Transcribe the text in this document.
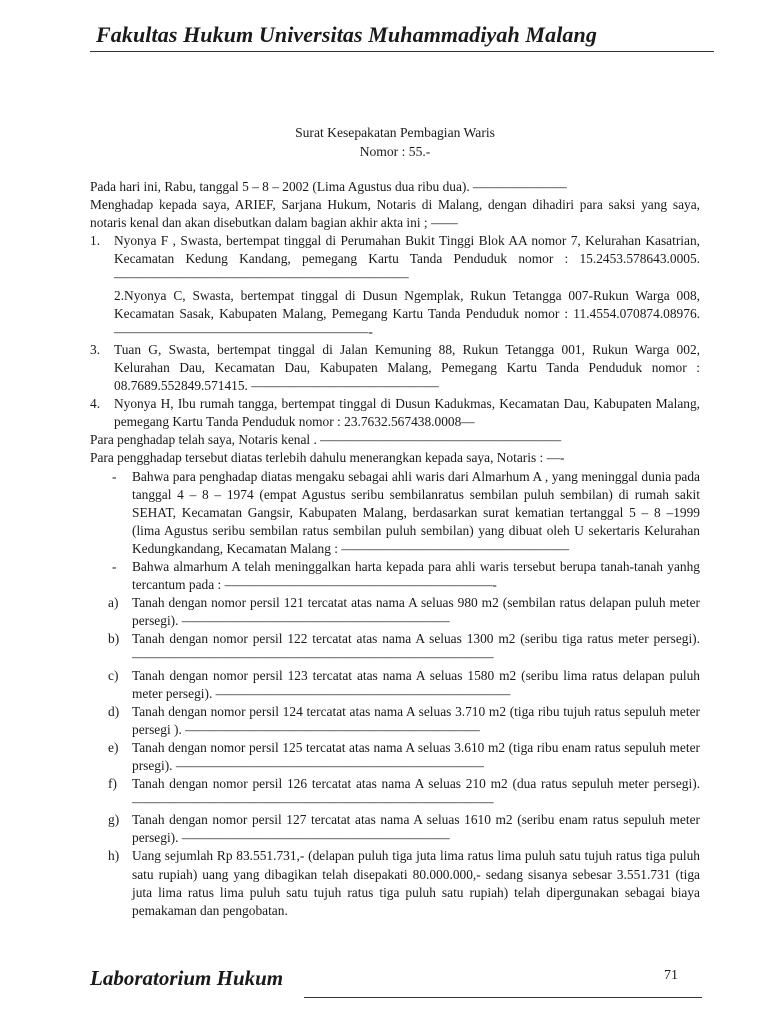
Fakultas Hukum Universitas Muhammadiyah Malang
Surat Kesepakatan Pembagian Waris
Nomor : 55.-

Pada hari ini, Rabu, tanggal 5 – 8 – 2002 (Lima Agustus dua ribu dua). ———————

Menghadap kepada saya, ARIEF, Sarjana Hukum, Notaris di Malang, dengan dihadiri para saksi yang saya, notaris kenal dan akan disebutkan dalam bagian akhir akta ini ; ——

1.	Nyonya F , Swasta, bertempat tinggal di Perumahan Bukit Tinggi Blok AA nomor 7, Kelurahan Kasatrian, Kecamatan Kedung Kandang, pemegang Kartu Tanda Penduduk nomor : 15.2453.578643.0005. ——————————————————————
2.Nyonya C, Swasta, bertempat tinggal di Dusun Ngemplak, Rukun Tetangga 007-Rukun Warga 008, Kecamatan Sasak, Kabupaten Malang, Pemegang Kartu Tanda Penduduk nomor : 11.4554.070874.08976. ———————————————————-
3.	Tuan G, Swasta, bertempat tinggal di Jalan Kemuning 88, Rukun Tetangga 001, Rukun Warga 002, Kelurahan Dau, Kecamatan Dau, Kabupaten Malang, Pemegang Kartu Tanda Penduduk nomor : 08.7689.552849.571415. ——————————————
4.	Nyonya H, Ibu rumah tangga, bertempat tinggal di Dusun Kadukmas, Kecamatan Dau, Kabupaten Malang, pemegang Kartu Tanda Penduduk nomor : 23.7632.567438.0008—

Para penghadap telah saya, Notaris kenal . ——————————————————

Para pengghadap tersebut diatas terlebih dahulu menerangkan kepada saya, Notaris : —-

-	Bahwa para penghadap diatas mengaku sebagai ahli waris dari Almarhum A , yang meninggal dunia pada tanggal 4 – 8 – 1974 (empat Agustus seribu sembilanratus sembilan puluh sembilan) di rumah sakit SEHAT, Kecamatan Gangsir, Kabupaten Malang, berdasarkan surat kematian tertanggal 5 – 8 –1999 (lima Agustus seribu sembilan ratus sembilan puluh sembilan) yang dibuat oleh U sekertaris Kelurahan Kedungkandang, Kecamatan Malang : —————————————————
-	Bahwa almarhum A telah meninggalkan harta kepada para ahli waris tersebut berupa tanah-tanah yanhg tercantum pada : ————————————————————-
a)	Tanah dengan nomor persil 121 tercatat atas nama A seluas 980 m2 (sembilan ratus delapan puluh meter persegi). ————————————————————
b) Tanah dengan nomor persil 122 tercatat atas nama A seluas 1300 m2 (seribu tiga ratus meter persegi). ———————————————————————————
c)	Tanah dengan nomor persil 123 tercatat atas nama A seluas 1580 m2 (seribu lima ratus delapan puluh meter persegi). ——————————————————————
d) Tanah dengan nomor persil 124 tercatat atas nama A seluas 3.710 m2 (tiga ribu tujuh ratus sepuluh meter persegi ). ——————————————————————
e)	Tanah dengan nomor persil 125 tercatat atas nama A seluas 3.610 m2 (tiga ribu enam ratus sepuluh meter prsegi). ———————————————————————
f)	Tanah dengan nomor persil 126 tercatat atas nama A seluas 210 m2 (dua ratus sepuluh meter persegi). ———————————————————————————
g) Tanah dengan nomor persil 127 tercatat atas nama A seluas 1610 m2 (seribu enam ratus sepuluh meter persegi). ————————————————————
h) Uang sejumlah Rp 83.551.731,- (delapan puluh tiga juta lima ratus lima puluh satu tujuh ratus tiga puluh satu rupiah) uang yang dibagikan telah disepakati 80.000.000,- sedang sisanya sebesar 3.551.731 (tiga juta lima ratus lima puluh satu tujuh ratus tiga puluh satu rupiah) telah dipergunakan sebagai biaya pemakaman dan pengobatan.
Laboratorium Hukum	71
